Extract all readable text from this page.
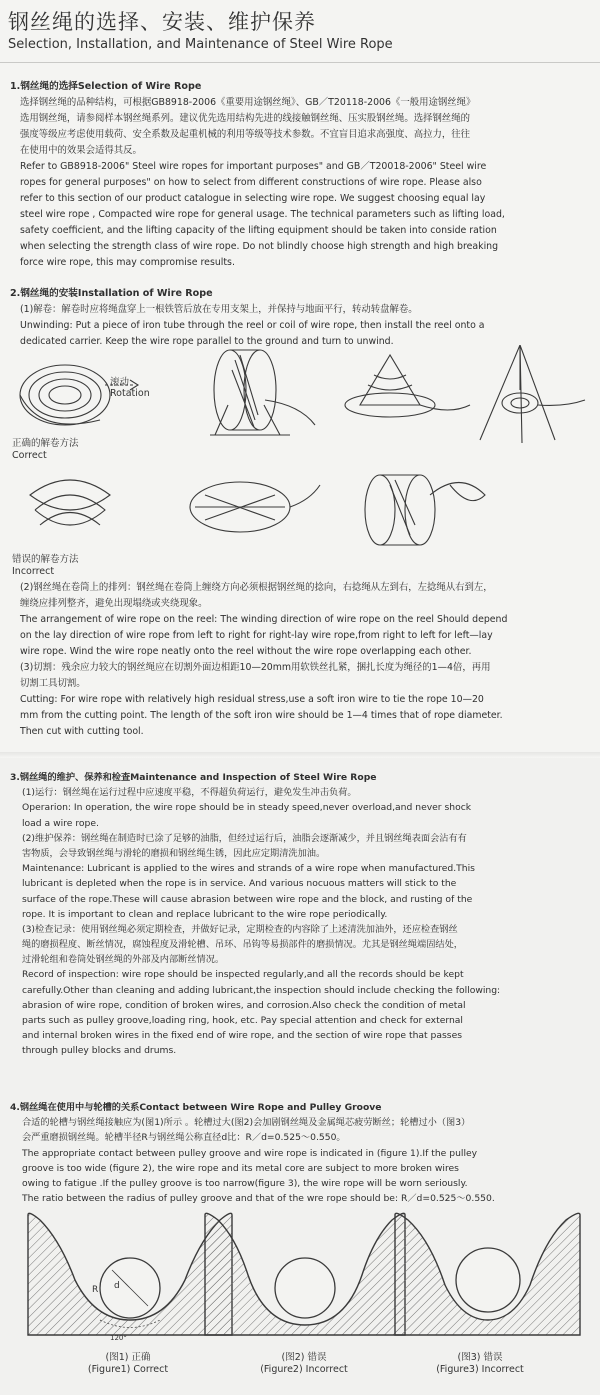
钢丝绳的选择、安装、维护保养
Selection, Installation, and Maintenance of Steel Wire Rope
1.钢丝绳的选择Selection of Wire Rope
选择钢丝绳的品种结构，可根据GB8918-2006《重要用途钢丝绳》、GB／T20118-2006《一般用途钢丝绳》
选用钢丝绳，请参阅样本钢丝绳系列。建议优先选用结构先进的线接触钢丝绳、压实股钢丝绳。选择钢丝绳的
强度等级应考虑使用载荷、安全系数及起重机械的利用等级等技术参数。不宜盲目追求高强度、高拉力，往往
在使用中的效果会适得其反。
Refer to GB8918-2006" Steel wire ropes for important purposes" and GB／T20018-2006" Steel wire
ropes for general purposes" on how to select from different constructions of wire rope. Please also
refer to this section of our product catalogue in selecting wire rope. We suggest choosing equal lay
steel wire rope , Compacted wire rope for general usage. The technical parameters such as lifting load,
safety coefficient, and the lifting capacity of the lifting equipment should be taken into conside ration
when selecting the strength class of wire rope. Do not blindly choose high strength and high breaking
force wire rope, this may compromise results.
2.钢丝绳的安装Installation of Wire Rope
(1)解卷：解卷时应将绳盘穿上一根铁管后放在专用支架上，并保持与地面平行，转动转盘解卷。
Unwinding: Put a piece of iron tube through the reel or coil of wire rope, then install the reel onto a
dedicated carrier. Keep the wire rope parallel to the ground and turn to unwind.
滚动
Rotation
正确的解卷方法
Correct
错误的解卷方法
Incorrect
(2)钢丝绳在卷筒上的排列：钢丝绳在卷筒上缠绕方向必须根据钢丝绳的捻向，右捻绳从左到右，左捻绳从右到左，
缠绕应排列整齐，避免出现塌绕或夹绕现象。
The arrangement of wire rope on the reel: The winding direction of wire rope on the reel Should depend
on the lay direction of wire rope from left to right for right-lay wire rope,from right to left for left—lay
wire rope. Wind the wire rope neatly onto the reel without the wire rope overlapping each other.
(3)切割：残余应力较大的钢丝绳应在切割外面边相距10—20mm用软铁丝扎紧，捆扎长度为绳径的1—4倍，再用
切割工具切割。
Cutting: For wire rope with relatively high residual stress,use a soft iron wire to tie the rope 10—20
mm from the cutting point. The length of the soft iron wire should be 1—4 times that of rope diameter.
Then cut with cutting tool.
3.钢丝绳的维护、保养和检查Maintenance and Inspection of Steel Wire Rope
(1)运行：钢丝绳在运行过程中应速度平稳，不得超负荷运行，避免发生冲击负荷。
Operarion: In operation, the wire rope should be in steady speed,never overload,and never shock
load a wire rope.
(2)维护保养：钢丝绳在制造时已涂了足够的油脂，但经过运行后，油脂会逐渐减少，并且钢丝绳表面会沾有有
害物质，会导致钢丝绳与滑轮的磨损和钢丝绳生锈，因此应定期清洗加油。
Maintenance: Lubricant is applied to the wires and strands of a wire rope when manufactured.This
lubricant is depleted when the rope is in service. And various nocuous matters will stick to the
surface of the rope.These will cause abrasion between wire rope and the block, and rusting of the
rope. It is important to clean and replace lubricant to the wire rope periodically.
(3)检查记录：使用钢丝绳必须定期检查，并做好记录，定期检查的内容除了上述清洗加油外，还应检查钢丝
绳的磨损程度、断丝情况，腐蚀程度及滑轮槽、吊环、吊钩等易损部件的磨损情况。尤其是钢丝绳端固结处，
过滑轮组和卷筒处钢丝绳的外部及内部断丝情况。
Record of inspection: wire rope should be inspected regularly,and all the records should be kept
carefully.Other than cleaning and adding lubricant,the inspection should include checking the following:
abrasion of wire rope, condition of broken wires, and corrosion.Also check the condition of metal
parts such as pulley groove,loading ring, hook, etc. Pay special attention and check for external
and internal broken wires in the fixed end of wire rope, and the section of wire rope that passes
through pulley blocks and drums.
4.钢丝绳在使用中与轮槽的关系Contact between Wire Rope and Pulley Groove
合适的轮槽与钢丝绳接触应为(图1)所示 。轮槽过大(图2)会加剧钢丝绳及金属绳芯疲劳断丝；轮槽过小（图3）
会严重磨损钢丝绳。轮槽半径R与钢丝绳公称直径d比：R／d=0.525～0.550。
The appropriate contact between pulley groove and wire rope is indicated in (figure 1).If the pulley
groove is too wide (figure 2), the wire rope and its metal core are subject to more broken wires
owing to fatigue .If the pulley groove is too narrow(figure 3), the wire rope will be worn seriously.
The ratio between the radius of pulley groove and that of the wre rope should be: R／d=0.525～0.550.
R d
120°
(图1) 正确
(Figure1) Correct
(图2) 错误
(Figure2) Incorrect
(图3) 错误
(Figure3) Incorrect
